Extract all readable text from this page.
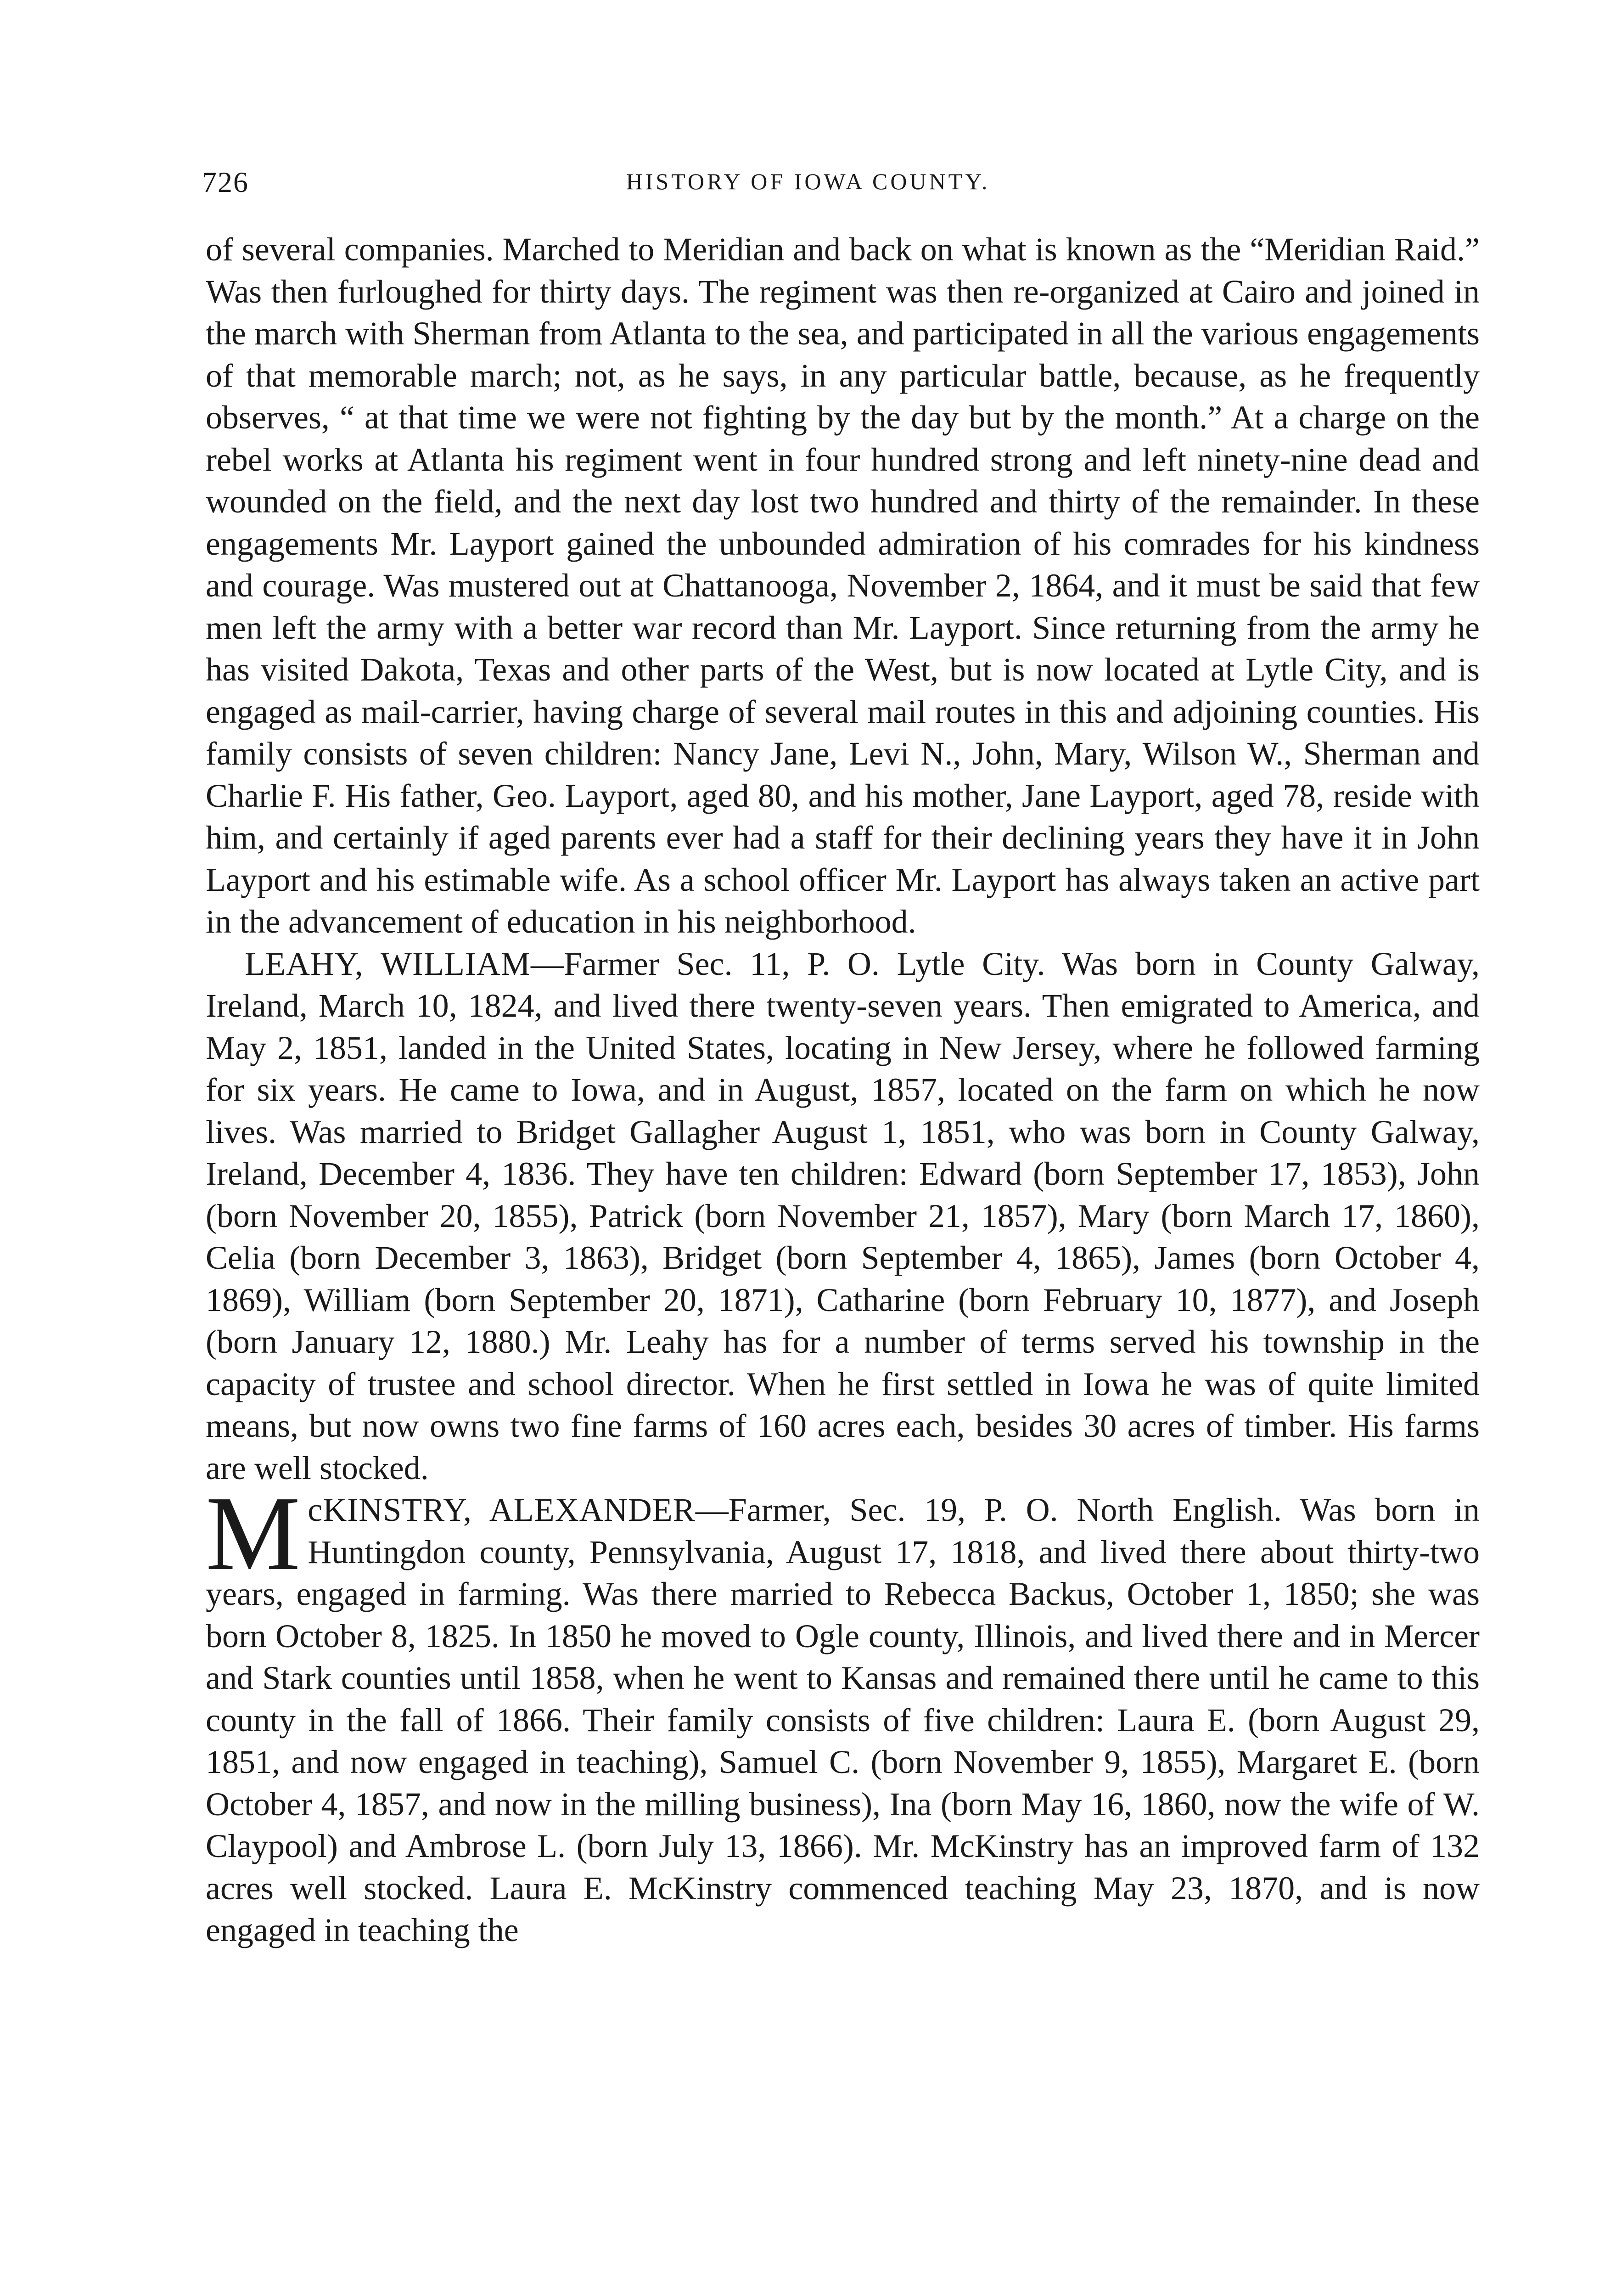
726	HISTORY OF IOWA COUNTY.

of several companies. Marched to Meridian and back on what is known as the “Meridian Raid.” Was then furloughed for thirty days. The regiment was then re-organized at Cairo and joined in the march with Sherman from Atlanta to the sea, and participated in all the various engagements of that memorable march; not, as he says, in any particular battle, because, as he frequently observes, “ at that time we were not fighting by the day but by the month.” At a charge on the rebel works at Atlanta his regiment went in four hundred strong and left ninety-nine dead and wounded on the field, and the next day lost two hundred and thirty of the remainder. In these engagements Mr. Layport gained the unbounded admiration of his comrades for his kindness and courage. Was mustered out at Chattanooga, November 2, 1864, and it must be said that few men left the army with a better war record than Mr. Layport. Since returning from the army he has visited Dakota, Texas and other parts of the West, but is now located at Lytle City, and is engaged as mail-carrier, having charge of several mail routes in this and adjoining counties. His family consists of seven children: Nancy Jane, Levi N., John, Mary, Wilson W., Sherman and Charlie F. His father, Geo. Layport, aged 80, and his mother, Jane Layport, aged 78, reside with him, and certainly if aged parents ever had a staff for their declining years they have it in John Layport and his estimable wife. As a school officer Mr. Layport has always taken an active part in the advancement of education in his neighborhood.

LEAHY, WILLIAM—Farmer Sec. 11, P. O. Lytle City. Was born in County Galway, Ireland, March 10, 1824, and lived there twenty-seven years. Then emigrated to America, and May 2, 1851, landed in the United States, locating in New Jersey, where he followed farming for six years. He came to Iowa, and in August, 1857, located on the farm on which he now lives. Was married to Bridget Gallagher August 1, 1851, who was born in County Galway, Ireland, December 4, 1836. They have ten children: Edward (born September 17, 1853), John (born November 20, 1855), Patrick (born November 21, 1857), Mary (born March 17, 1860), Celia (born December 3, 1863), Bridget (born September 4, 1865), James (born October 4, 1869), William (born September 20, 1871), Catharine (born February 10, 1877), and Joseph (born January 12, 1880.) Mr. Leahy has for a number of terms served his township in the capacity of trustee and school director. When he first settled in Iowa he was of quite limited means, but now owns two fine farms of 160 acres each, besides 30 acres of timber. His farms are well stocked.

McKINSTRY, ALEXANDER—Farmer, Sec. 19, P. O. North English. Was born in Huntingdon county, Pennsylvania, August 17, 1818, and lived there about thirty-two years, engaged in farming. Was there married to Rebecca Backus, October 1, 1850; she was born October 8, 1825. In 1850 he moved to Ogle county, Illinois, and lived there and in Mercer and Stark counties until 1858, when he went to Kansas and remained there until he came to this county in the fall of 1866. Their family consists of five children: Laura E. (born August 29, 1851, and now engaged in teaching), Samuel C. (born November 9, 1855), Margaret E. (born October 4, 1857, and now in the milling business), Ina (born May 16, 1860, now the wife of W. Claypool) and Ambrose L. (born July 13, 1866). Mr. McKinstry has an improved farm of 132 acres well stocked. Laura E. McKinstry commenced teaching May 23, 1870, and is now engaged in teaching the
